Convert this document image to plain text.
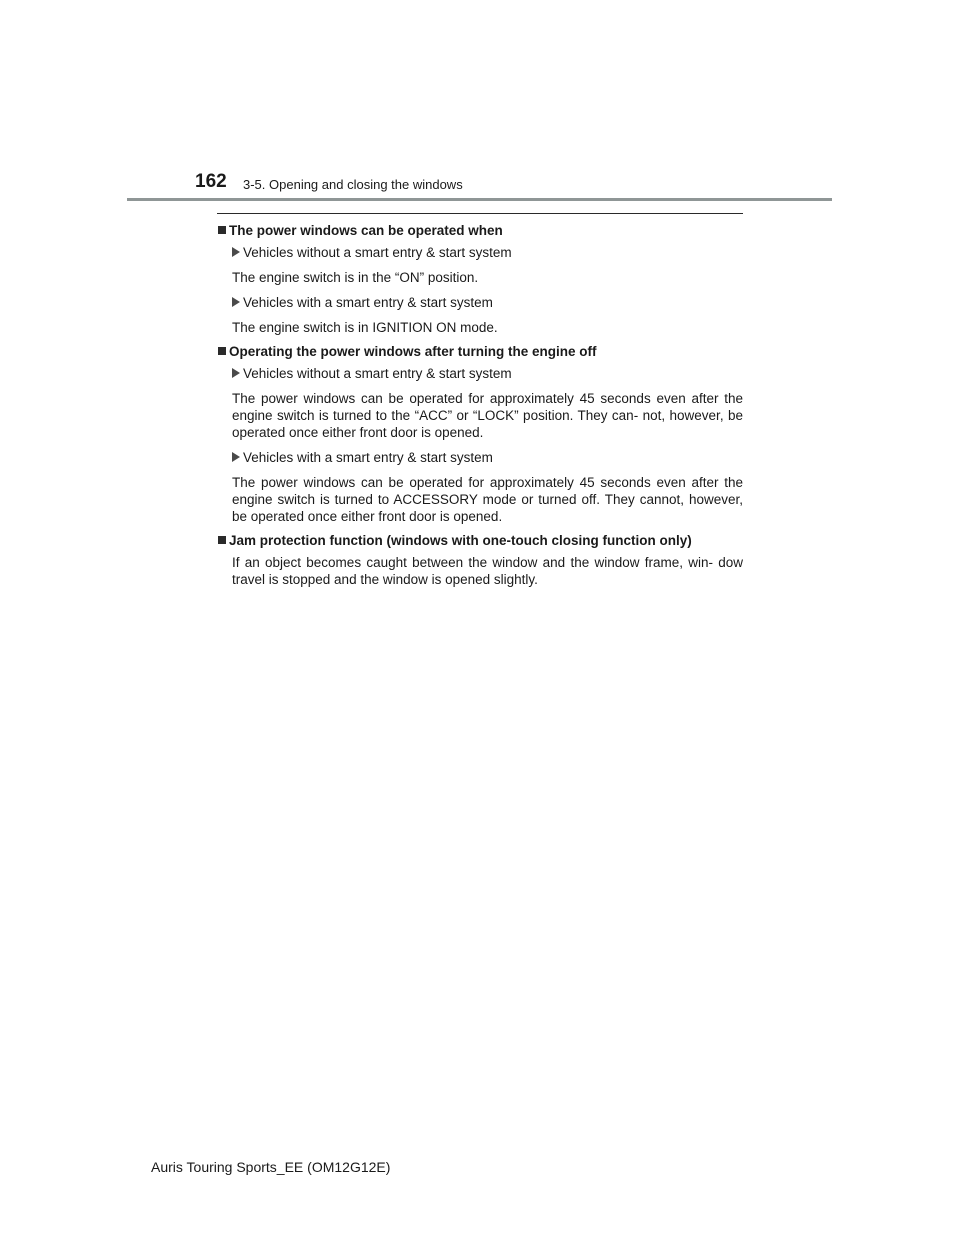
162 3-5. Opening and closing the windows
The power windows can be operated when
Vehicles without a smart entry & start system
The engine switch is in the “ON” position.
Vehicles with a smart entry & start system
The engine switch is in IGNITION ON mode.
Operating the power windows after turning the engine off
Vehicles without a smart entry & start system
The power windows can be operated for approximately 45 seconds even after the engine switch is turned to the “ACC” or “LOCK” position. They can- not, however, be operated once either front door is opened.
Vehicles with a smart entry & start system
The power windows can be operated for approximately 45 seconds even after the engine switch is turned to ACCESSORY mode or turned off. They cannot, however, be operated once either front door is opened.
Jam protection function (windows with one-touch closing function only)
If an object becomes caught between the window and the window frame, win- dow travel is stopped and the window is opened slightly.
Auris Touring Sports_EE (OM12G12E)
